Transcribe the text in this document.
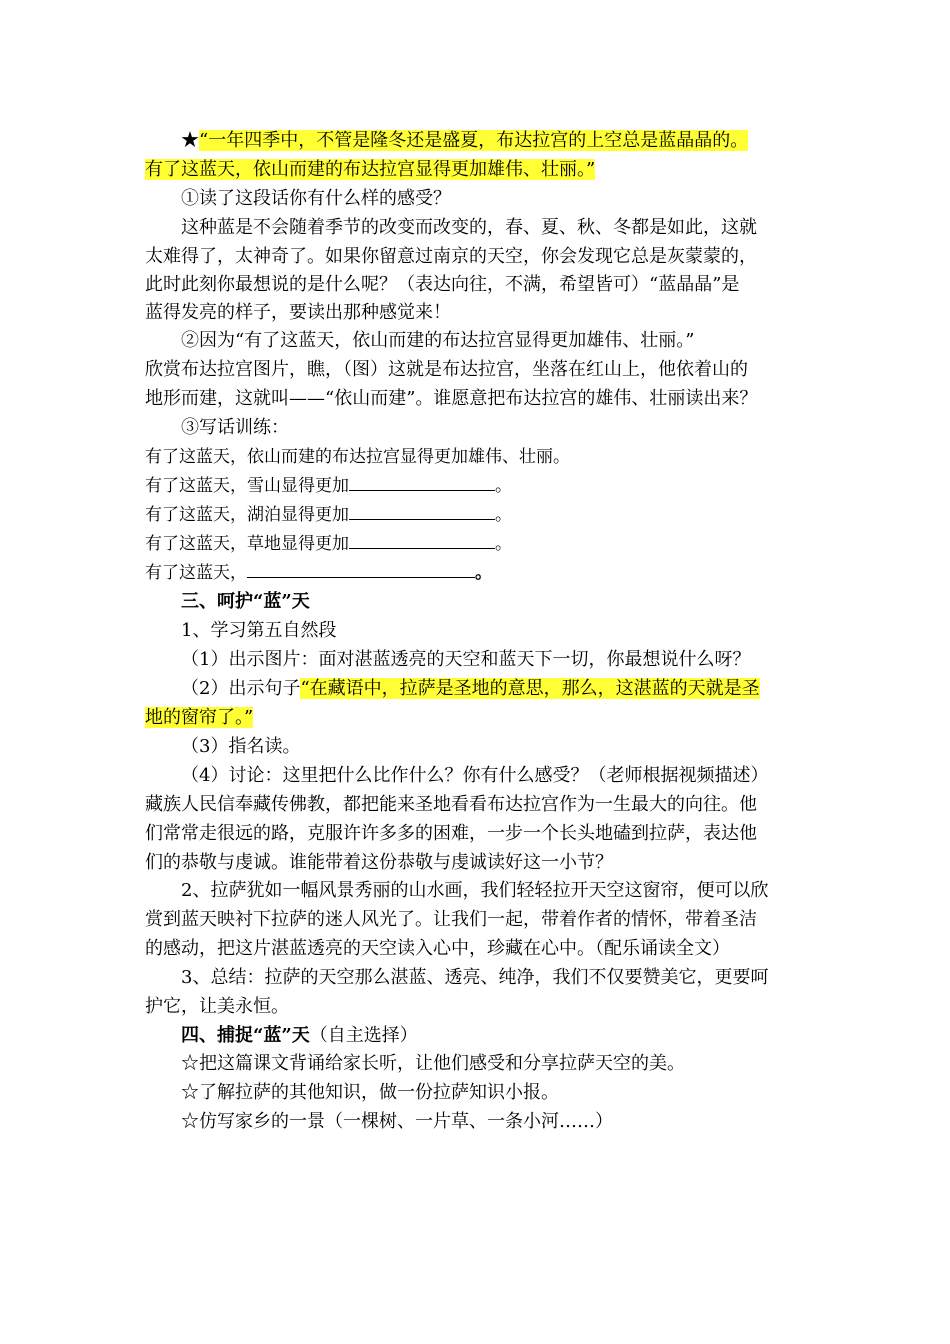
★“一年四季中，不管是隆冬还是盛夏，布达拉宫的上空总是蓝晶晶的。
有了这蓝天，依山而建的布达拉宫显得更加雄伟、壮丽。”
①读了这段话你有什么样的感受？
这种蓝是不会随着季节的改变而改变的，春、夏、秋、冬都是如此，这就
太难得了，太神奇了。如果你留意过南京的天空，你会发现它总是灰蒙蒙的，
此时此刻你最想说的是什么呢？（表达向往，不满，希望皆可）“蓝晶晶”是
蓝得发亮的样子，要读出那种感觉来！
②因为“有了这蓝天，依山而建的布达拉宫显得更加雄伟、壮丽。”
欣赏布达拉宫图片，瞧，（图）这就是布达拉宫，坐落在红山上，他依着山的
地形而建，这就叫——“依山而建”。谁愿意把布达拉宫的雄伟、壮丽读出来？
③写话训练：
有了这蓝天，依山而建的布达拉宫显得更加雄伟、壮丽。
有了这蓝天，雪山显得更加	。
有了这蓝天，湖泊显得更加	。
有了这蓝天，草地显得更加	。
有了这蓝天，	。
三、呵护“蓝”天
1、学习第五自然段
（1）出示图片：面对湛蓝透亮的天空和蓝天下一切，你最想说什么呀？
（2）出示句子“在藏语中，拉萨是圣地的意思，那么，这湛蓝的天就是圣
地的窗帘了。”
（3）指名读。
（4）讨论：这里把什么比作什么？你有什么感受？（老师根据视频描述）
藏族人民信奉藏传佛教，都把能来圣地看看布达拉宫作为一生最大的向往。他
们常常走很远的路，克服许许多多的困难，一步一个长头地磕到拉萨，表达他
们的恭敬与虔诚。谁能带着这份恭敬与虔诚读好这一小节？
2、拉萨犹如一幅风景秀丽的山水画，我们轻轻拉开天空这窗帘，便可以欣
赏到蓝天映衬下拉萨的迷人风光了。让我们一起，带着作者的情怀，带着圣洁
的感动，把这片湛蓝透亮的天空读入心中，珍藏在心中。（配乐诵读全文）
3、总结：拉萨的天空那么湛蓝、透亮、纯净，我们不仅要赞美它，更要呵
护它，让美永恒。
四、捕捉“蓝”天（自主选择）
☆把这篇课文背诵给家长听，让他们感受和分享拉萨天空的美。
☆了解拉萨的其他知识，做一份拉萨知识小报。
☆仿写家乡的一景（一棵树、一片草、一条小河……）
